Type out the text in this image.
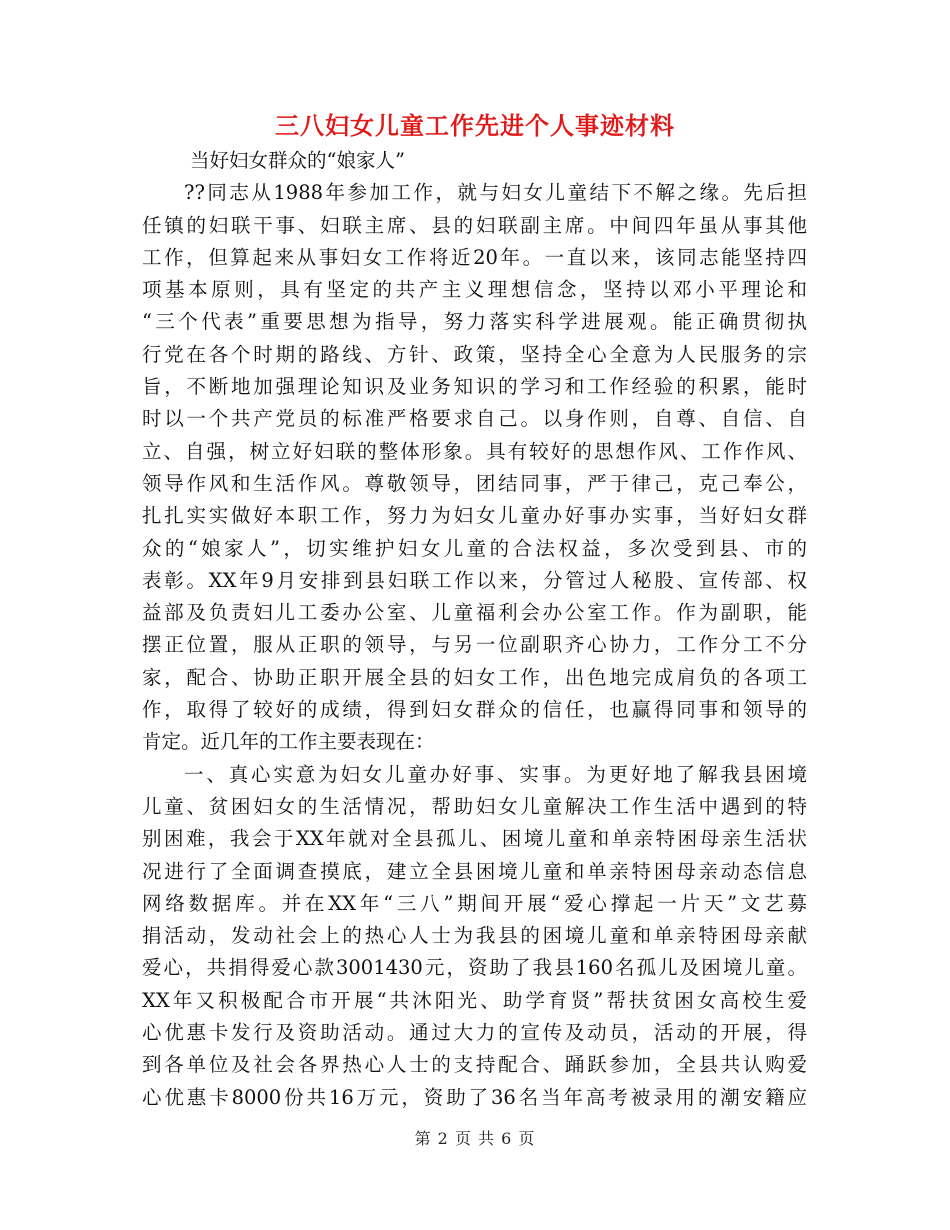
三八妇女儿童工作先进个人事迹材料
当好妇女群众的“娘家人”
??同志从1988年参加工作，就与妇女儿童结下不解之缘。先后担
任镇的妇联干事、妇联主席、县的妇联副主席。中间四年虽从事其他
工作，但算起来从事妇女工作将近20年。一直以来，该同志能坚持四
项基本原则，具有坚定的共产主义理想信念，坚持以邓小平理论和
“三个代表”重要思想为指导，努力落实科学进展观。能正确贯彻执
行党在各个时期的路线、方针、政策，坚持全心全意为人民服务的宗
旨，不断地加强理论知识及业务知识的学习和工作经验的积累，能时
时以一个共产党员的标准严格要求自己。以身作则，自尊、自信、自
立、自强，树立好妇联的整体形象。具有较好的思想作风、工作作风、
领导作风和生活作风。尊敬领导，团结同事，严于律己，克己奉公，
扎扎实实做好本职工作，努力为妇女儿童办好事办实事，当好妇女群
众的“娘家人”，切实维护妇女儿童的合法权益，多次受到县、市的
表彰。XX年9月安排到县妇联工作以来，分管过人秘股、宣传部、权
益部及负责妇儿工委办公室、儿童福利会办公室工作。作为副职，能
摆正位置，服从正职的领导，与另一位副职齐心协力，工作分工不分
家，配合、协助正职开展全县的妇女工作，出色地完成肩负的各项工
作，取得了较好的成绩，得到妇女群众的信任，也赢得同事和领导的
肯定。近几年的工作主要表现在：
一、真心实意为妇女儿童办好事、实事。为更好地了解我县困境
儿童、贫困妇女的生活情况，帮助妇女儿童解决工作生活中遇到的特
别困难，我会于XX年就对全县孤儿、困境儿童和单亲特困母亲生活状
况进行了全面调查摸底，建立全县困境儿童和单亲特困母亲动态信息
网络数据库。并在XX年“三八”期间开展“爱心撑起一片天”文艺募
捐活动，发动社会上的热心人士为我县的困境儿童和单亲特困母亲献
爱心，共捐得爱心款3001430元，资助了我县160名孤儿及困境儿童。
XX年又积极配合市开展“共沐阳光、助学育贤”帮扶贫困女高校生爱
心优惠卡发行及资助活动。通过大力的宣传及动员，活动的开展，得
到各单位及社会各界热心人士的支持配合、踊跃参加，全县共认购爱
心优惠卡8000份共16万元，资助了36名当年高考被录用的潮安籍应
第 2 页 共 6 页
